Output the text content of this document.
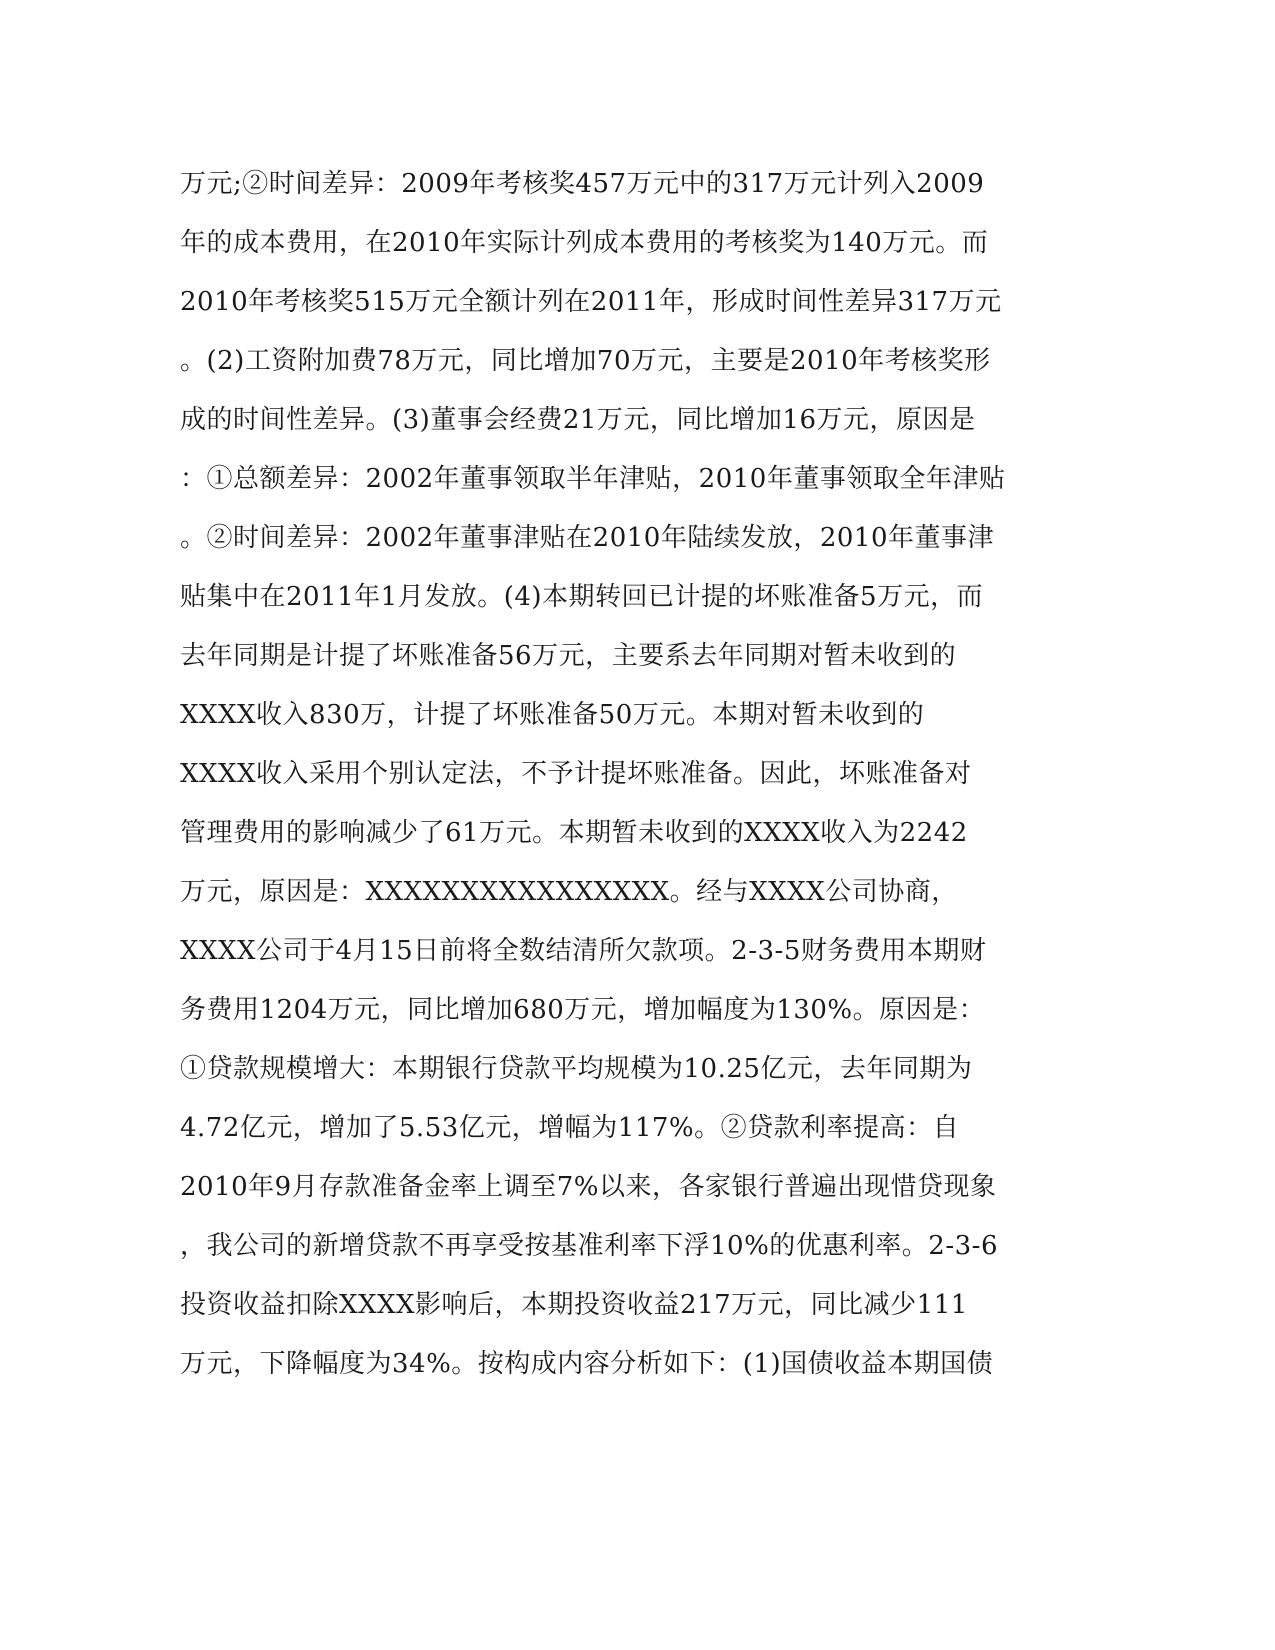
万元;②时间差异：2009年考核奖457万元中的317万元计列入2009
年的成本费用，在2010年实际计列成本费用的考核奖为140万元。而
2010年考核奖515万元全额计列在2011年，形成时间性差异317万元
。(2)工资附加费78万元，同比增加70万元，主要是2010年考核奖形
成的时间性差异。(3)董事会经费21万元，同比增加16万元，原因是
：①总额差异：2002年董事领取半年津贴，2010年董事领取全年津贴
。②时间差异：2002年董事津贴在2010年陆续发放，2010年董事津
贴集中在2011年1月发放。(4)本期转回已计提的坏账准备5万元，而
去年同期是计提了坏账准备56万元，主要系去年同期对暂未收到的
XXXX收入830万，计提了坏账准备50万元。本期对暂未收到的
XXXX收入采用个别认定法，不予计提坏账准备。因此，坏账准备对
管理费用的影响减少了61万元。本期暂未收到的XXXX收入为2242
万元，原因是：XXXXXXXXXXXXXXXX。经与XXXX公司协商，
XXXX公司于4月15日前将全数结清所欠款项。2-3-5财务费用本期财
务费用1204万元，同比增加680万元，增加幅度为130%。原因是：
①贷款规模增大：本期银行贷款平均规模为10.25亿元，去年同期为
4.72亿元，增加了5.53亿元，增幅为117%。②贷款利率提高：自
2010年9月存款准备金率上调至7%以来，各家银行普遍出现惜贷现象
，我公司的新增贷款不再享受按基准利率下浮10%的优惠利率。2-3-6
投资收益扣除XXXX影响后，本期投资收益217万元，同比减少111
万元，下降幅度为34%。按构成内容分析如下：(1)国债收益本期国债
